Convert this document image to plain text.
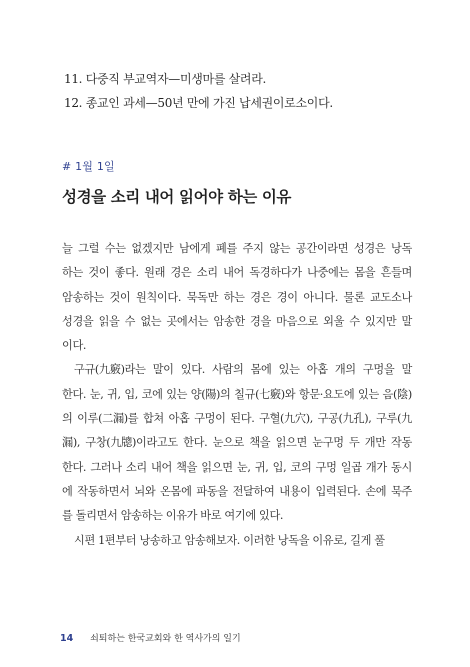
11. 다중직 부교역자—미생마를 살려라.
12. 종교인 과세—50년 만에 가진 납세권이로소이다.
# 1월 1일
성경을 소리 내어 읽어야 하는 이유
늘 그럴 수는 없겠지만 남에게 폐를 주지 않는 공간이라면 성경은 낭독
하는 것이 좋다. 원래 경은 소리 내어 독경하다가 나중에는 몸을 흔들며
암송하는 것이 원칙이다. 묵독만 하는 경은 경이 아니다. 물론 교도소나
성경을 읽을 수 없는 곳에서는 암송한 경을 마음으로 외울 수 있지만 말
이다.
구규(九竅)라는 말이 있다. 사람의 몸에 있는 아홉 개의 구멍을 말
한다. 눈, 귀, 입, 코에 있는 양(陽)의 칠규(七竅)와 항문·요도에 있는 음(陰)
의 이루(二漏)를 합쳐 아홉 구멍이 된다. 구혈(九穴), 구공(九孔), 구루(九
漏), 구창(九牕)이라고도 한다. 눈으로 책을 읽으면 눈구멍 두 개만 작동
한다. 그러나 소리 내어 책을 읽으면 눈, 귀, 입, 코의 구멍 일곱 개가 동시
에 작동하면서 뇌와 온몸에 파동을 전달하여 내용이 입력된다. 손에 묵주
를 돌리면서 암송하는 이유가 바로 여기에 있다.
시편 1편부터 낭송하고 암송해보자. 이러한 낭독을 이유로, 길게 풀
14 쇠퇴하는 한국교회와 한 역사가의 일기
